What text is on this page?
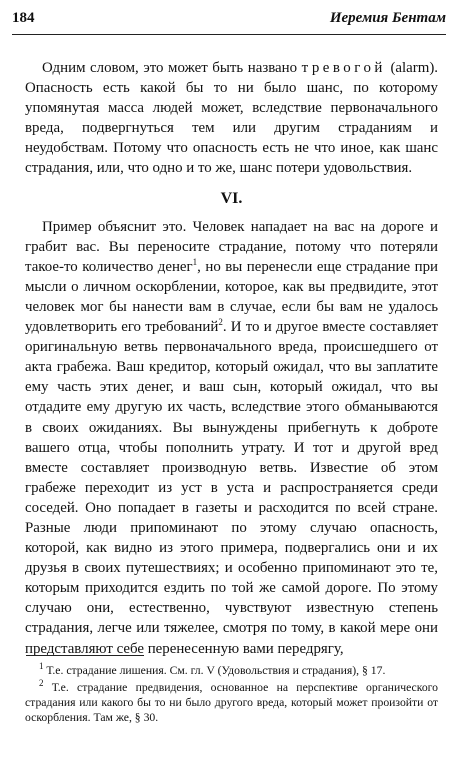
184	Иеремия Бентам

Одним словом, это может быть названо тревогой (alarm). Опасность есть какой бы то ни было шанс, по которому упомянутая масса людей может, вследствие первоначального вреда, подвергнуться тем или другим страданиям и неудобствам. Потому что опасность есть не что иное, как шанс страдания, или, что одно и то же, шанс потери удовольствия.

VI.

Пример объяснит это. Человек нападает на вас на дороге и грабит вас. Вы переносите страдание, потому что потеряли такое-то количество денег$^1$, но вы перенесли еще страдание при мысли о личном оскорблении, которое, как вы предвидите, этот человек мог бы нанести вам в случае, если бы вам не удалось удовлетворить его требований$^2$. И то и другое вместе составляет оригинальную ветвь первоначального вреда, происшедшего от акта грабежа. Ваш кредитор, который ожидал, что вы заплатите ему часть этих денег, и ваш сын, который ожидал, что вы отдадите ему другую их часть, вследствие этого обманываются в своих ожиданиях. Вы вынуждены прибегнуть к доброте вашего отца, чтобы пополнить утрату. И тот и другой вред вместе составляет производную ветвь. Известие об этом грабеже переходит из уст в уста и распространяется среди соседей. Оно попадает в газеты и расходится по всей стране. Разные люди припоминают по этому случаю опасность, которой, как видно из этого примера, подвергались они и их друзья в своих путешествиях; и особенно припоминают это те, которым приходится ездить по той же самой дороге. По этому случаю они, естественно, чувствуют известную степень страдания, легче или тяжелее, смотря по тому, в какой мере они представляют себе перенесенную вами передрягу,

$^1$ Т.е. страдание лишения. См. гл. V (Удовольствия и страдания), § 17.

$^2$ Т.е. страдание предвидения, основанное на перспективе органического страдания или какого бы то ни было другого вреда, который может произойти от оскорбления. Там же, § 30.
